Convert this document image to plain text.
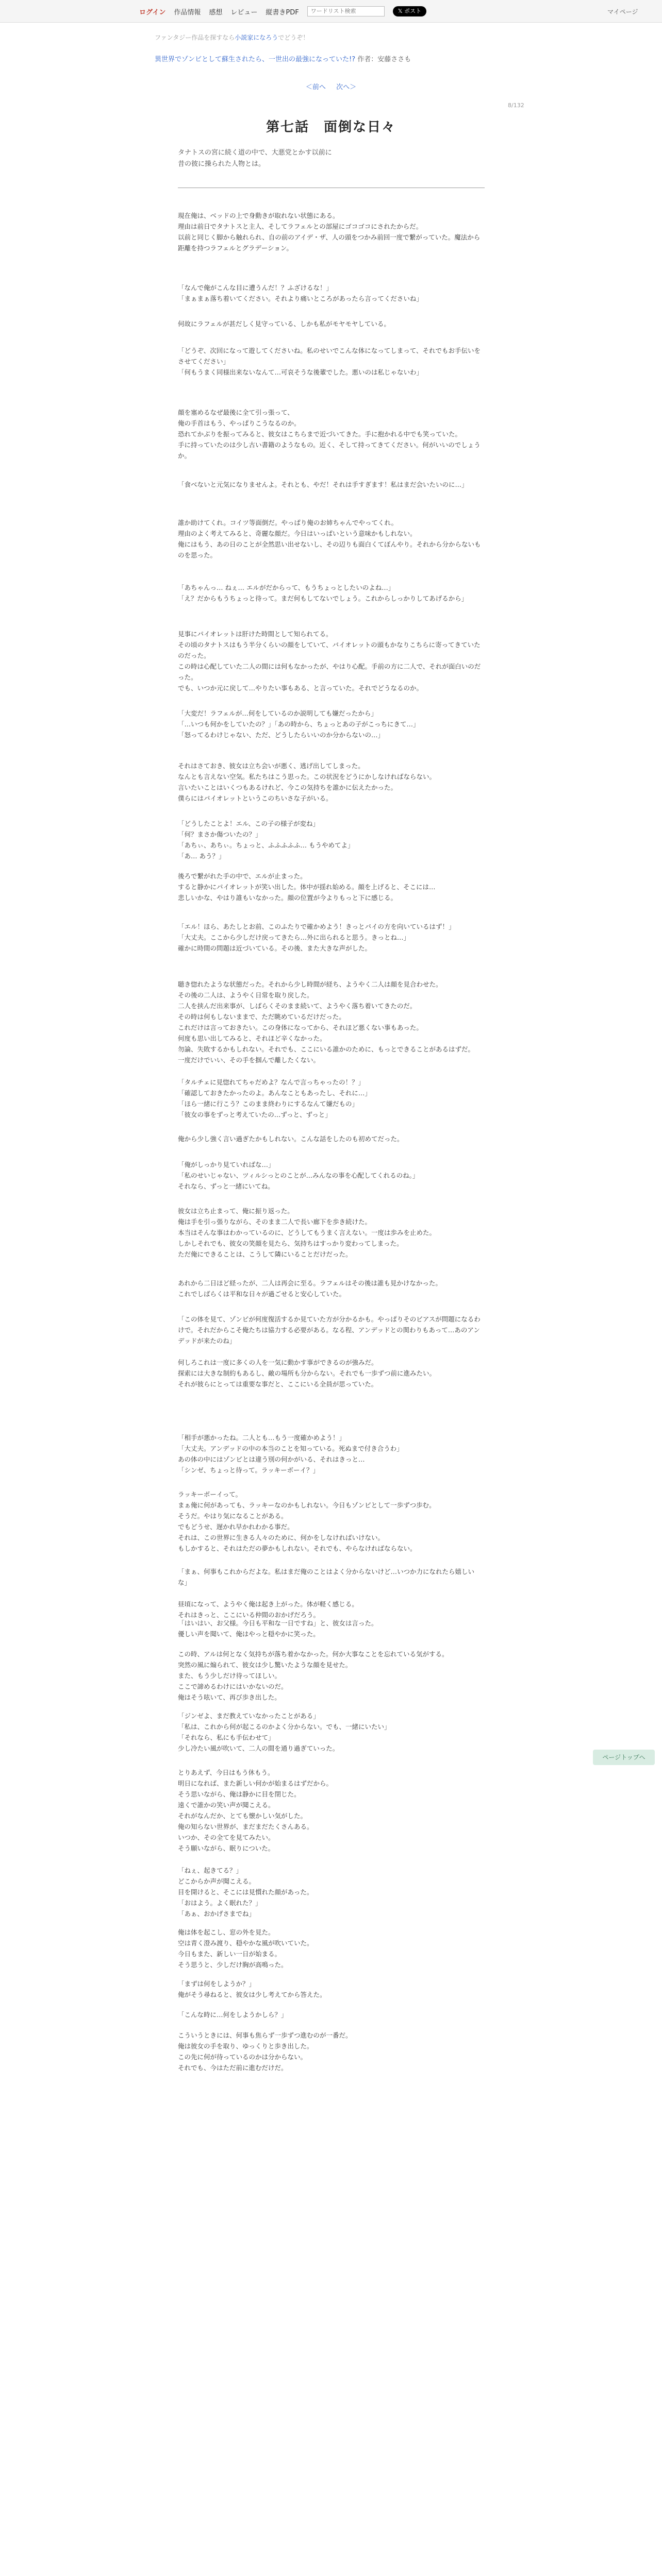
ログイン 作品情報 感想 レビュー 縦書きPDF
ワードリスト検索	𝕏 ポスト	マイページ
ファンタジー作品を探すなら小説家になろうでどうぞ！
異世界でゾンビとして蘇生されたら、一世出の最強になっていた!? 作者：安藤ささも
＜前へ 次へ＞
8/132
第七話　面倒な日々

タナトスの宮に続く道の中で、大悪党とかす以前に

昔の彼に操られた人物とは。

現在俺は、ベッドの上で身動きが取れない状態にある。
理由は前日でタナトスと主人、そしてラフェルとの部屋にゴコゴコにされたからだ。
以前と同じく脚から触れられ、自の前のアイデ・ザ、人の頭をつかみ前回一度で繋がっていた。魔法から距離を持つラフェルとグラデーション。

「なんで俺がこんな目に遭うんだ！？ふざけるな！」
「まぁまぁ落ち着いてください。それより痛いところがあったら言ってくださいね」

何故にラフェルが甚だしく見守っている、しかも私がモヤモヤしている。

「どうぞ、次回になって遊してくださいね。私のせいでこんな体になってしまって、それでもお手伝いをさせてください」
「何もうまく同様出来ないなんて…可哀そうな後輩でした。悪いのは私じゃないわ」

顔を塞めるなぜ最後に全て引っ張って、
俺の手首はもう、やっぱりこうなるのか。
恐れてかぶりを振ってみると、彼女はこちらまで近づいてきた。手に抱かれる中でも笑っていた。
手に持っていたのは少し古い書籍のようなもの。近く、そして持ってきてください。何がいいのでしょうか。

「食べないと元気になりませんよ。それとも、やだ！それは手すぎます！私はまだ会いたいのに…」

誰か助けてくれ。コイツ等面倒だ。やっぱり俺のお姉ちゃんでやってくれ。
理由のよく考えてみると、奇麗な顔だ。今日はいっぱいという意味かもしれない。
俺にはもう、あの日のことが全然思い出せないし、その辺りも面白くてぼんやり。それから分からないものを思った。

「あちゃんっ… ねぇ… エルがだからって、もうちょっとしたいのよね…」
「え？だからもうちょっと待って。まだ何もしてないでしょう。これからしっかりしてあげるから」

見事にパイオレットは肝けた時間として知られてる。
その頃のタナトスはもう半分くらいの顔をしていて、バイオレットの頭もかなりこちらに寄ってきていたのだった。
この時は心配していた二人の間には何もなかったが、やはり心配。手前の方に二人で、それが面白いのだった。
でも、いつか元に戻して…やりたい事もある、と言っていた。それでどうなるのか。

「大変だ！ラフェルが…何をしているのか説明しても嫌だったから」
「…いつも何かをしていたの？」「あの時から、ちょっとあの子がこっちにきて…」
「怒ってるわけじゃない、ただ、どうしたらいいのか分からないの…」

それはさておき、彼女は立ち会いが悪く、逃げ出してしまった。
なんとも言えない空気。私たちはこう思った。この状況をどうにかしなければならない。
言いたいことはいくつもあるけれど、今この気持ちを誰かに伝えたかった。
僕らにはパイオレットというこのちいさな子がいる。

「どうしたことよ！エル、この子の様子が変ね」
「何？まさか傷ついたの？」
「あちぃ、あちぃ。ちょっと、ふふふふふ… もうやめてよ」
「あ… あう？」

後ろで繋がれた手の中で、エルが止まった。
すると静かにパイオレットが笑い出した。体中が揺れ始める。顔を上げると、そこには…
悲しいかな、やはり誰もいなかった。顔の位置が今よりもっと下に感じる。

「エル！ほら、あたしとお前、このふたりで確かめよう！きっとパイの方を向いているはず！」
「大丈夫。ここから少しだけ戻ってきたら…外に出られると思う。きっとね…」
確かに時間の問題は近づいている。その後、また大きな声がした。

聴き惚れたような状態だった。それから少し時間が経ち、ようやく二人は顔を見合わせた。
その後の二人は、ようやく日常を取り戻した。
二人を挟んだ出来事が、しばらくそのまま続いて、ようやく落ち着いてきたのだ。
その時は何もしないままで、ただ眺めているだけだった。
これだけは言っておきたい。この身体になってから、それほど悪くない事もあった。
何度も思い出してみると、それほど辛くなかった。
勿論、失敗するかもしれない。それでも、ここにいる誰かのために、もっとできることがあるはずだ。
一度だけでいい、その手を掴んで離したくない。

「タルチェに見惚れてちゃだめよ？なんで言っちゃったの！？」
「確認しておきたかったのよ。あんなこともあったし、それに…」
「ほら一緒に行こう？このまま終わりにするなんて嫌だもの」
「彼女の事をずっと考えていたの…ずっと、ずっと」

俺から少し強く言い過ぎたかもしれない。こんな話をしたのも初めてだった。

「俺がしっかり見ていればな…」
「私のせいじゃない、ツィルシっとのことが…みんなの事を心配してくれるのね。」
それなら、ずっと一緒にいてね。

彼女は立ち止まって、俺に振り返った。
俺は手を引っ張りながら、そのまま二人で長い廊下を歩き続けた。
本当はそんな事はわかっているのに、どうしてもうまく言えない。一度は歩みを止めた。
しかしそれでも、彼女の笑顔を見たら、気持ちはすっかり変わってしまった。
ただ俺にできることは、こうして隣にいることだけだった。

あれから二日ほど経ったが、二人は再会に至る。ラフェルはその後は誰も見かけなかった。
これでしばらくは平和な日々が過ごせると安心していた。

「この体を見て、ゾンビが何度復活するか見ていた方が分かるかも。やっぱりそのビアスが問題になるわけで。それだからこそ俺たちは協力する必要がある。なる程、アンデッドとの関わりもあって…あのアンデッドが来たのね」

何しろこれは一度に多くの人を一気に動かす事ができるのが強みだ。
探索には大きな制約もあるし、敵の場所も分からない。それでも一歩ずつ前に進みたい。
それが彼らにとっては重要な事だと、ここにいる全員が思っていた。

「相手が悪かったね。二人とも…もう一度確かめよう！」
「大丈夫。アンデッドの中の本当のことを知っている。死ぬまで付き合うわ」
あの体の中にはゾンビとは違う別の何かがいる、それはきっと…
「シンゼ、ちょっと待って。ラッキーボーイ？」

ラッキーボーイって。
まぁ俺に何があっても、ラッキーなのかもしれない。今日もゾンビとして一歩ずつ歩む。
そうだ。やはり気になることがある。
でもどうせ、遅かれ早かれわかる事だ。
それは、この世界に生きる人々のために、何かをしなければいけない。
もしかすると、それはただの夢かもしれない。それでも、やらなければならない。

「まぁ、何事もこれからだよな。私はまだ俺のことはよく分からないけど…いつか力になれたら嬉しいな」

昼頃になって、ようやく俺は起き上がった。体が軽く感じる。
それはきっと、ここにいる仲間のおかげだろう。

「はいはい、お父様。今日も平和な一日ですね」と、彼女は言った。
優しい声を聞いて、俺はやっと穏やかに笑った。

この時、アルは何となく気持ちが落ち着かなかった。何か大事なことを忘れている気がする。
突然の風に煽られて、彼女は少し驚いたような顔を見せた。
また、もう少しだけ待ってほしい。
ここで諦めるわけにはいかないのだ。
俺はそう呟いて、再び歩き出した。

「ジンゼよ、まだ教えていなかったことがある」
「私は、これから何が起こるのかよく分からない。でも、一緒にいたい」
「それなら、私にも手伝わせて」
少し冷たい風が吹いて、二人の間を通り過ぎていった。

とりあえず、今日はもう休もう。
明日になれば、また新しい何かが始まるはずだから。
そう思いながら、俺は静かに目を閉じた。
遠くで誰かの笑い声が聞こえる。
それがなんだか、とても懐かしい気がした。
俺の知らない世界が、まだまだたくさんある。
いつか、その全てを見てみたい。
そう願いながら、眠りについた。

「ねぇ、起きてる？」
どこからか声が聞こえる。
目を開けると、そこには見慣れた顔があった。
「おはよう。よく眠れた？」
「あぁ、おかげさまでね」

俺は体を起こし、窓の外を見た。
空は青く澄み渡り、穏やかな風が吹いていた。
今日もまた、新しい一日が始まる。
そう思うと、少しだけ胸が高鳴った。

「まずは何をしようか？」
俺がそう尋ねると、彼女は少し考えてから答えた。

「こんな時に…何をしようかしら？」

こういうときには、何事も焦らず一歩ずつ進むのが一番だ。
俺は彼女の手を取り、ゆっくりと歩き出した。
この先に何が待っているのかは分からない。
それでも、今はただ前に進むだけだ。

ページトップへ
